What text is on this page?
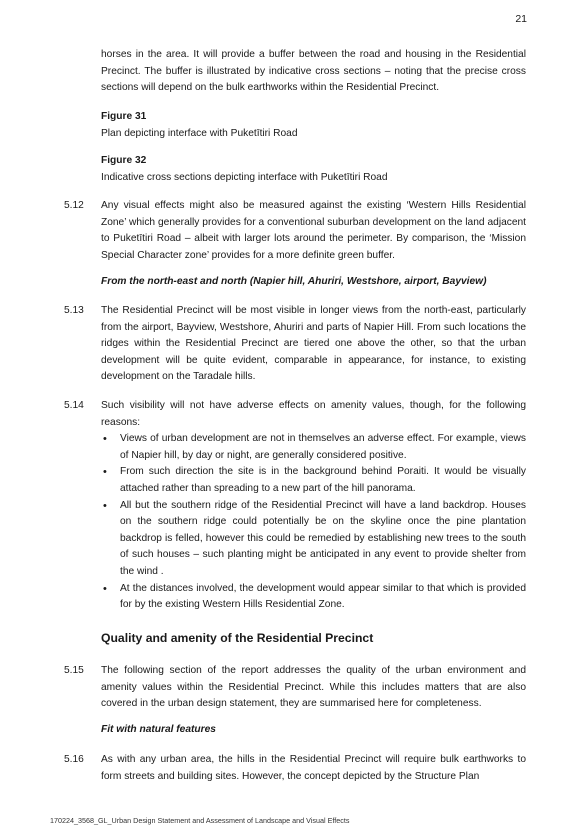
21

horses in the area. It will provide a buffer between the road and housing in the Residential Precinct. The buffer is illustrated by indicative cross sections – noting that the precise cross sections will depend on the bulk earthworks within the Residential Precinct.

Figure 31
Plan depicting interface with Puketītiri Road
Figure 32
Indicative cross sections depicting interface with Puketītiri Road
5.12 Any visual effects might also be measured against the existing ‘Western Hills Residential Zone’ which generally provides for a conventional suburban development on the land adjacent to Puketītiri Road – albeit with larger lots around the perimeter. By comparison, the ‘Mission Special Character zone’ provides for a more definite green buffer.

From the north-east and north (Napier hill, Ahuriri, Westshore, airport, Bayview)
5.13 The Residential Precinct will be most visible in longer views from the north-east, particularly from the airport, Bayview, Westshore, Ahuriri and parts of Napier Hill. From such locations the ridges within the Residential Precinct are tiered one above the other, so that the urban development will be quite evident, comparable in appearance, for instance, to existing development on the Taradale hills.

5.14 Such visibility will not have adverse effects on amenity values, though, for the following reasons:
• Views of urban development are not in themselves an adverse effect. For example, views of Napier hill, by day or night, are generally considered positive.
• From such direction the site is in the background behind Poraiti. It would be visually attached rather than spreading to a new part of the hill panorama.
• All but the southern ridge of the Residential Precinct will have a land backdrop. Houses on the southern ridge could potentially be on the skyline once the pine plantation backdrop is felled, however this could be remedied by establishing new trees to the south of such houses – such planting might be anticipated in any event to provide shelter from the wind .
• At the distances involved, the development would appear similar to that which is provided for by the existing Western Hills Residential Zone.
Quality and amenity of the Residential Precinct
5.15 The following section of the report addresses the quality of the urban environment and amenity values within the Residential Precinct. While this includes matters that are also covered in the urban design statement, they are summarised here for completeness.

Fit with natural features
5.16 As with any urban area, the hills in the Residential Precinct will require bulk earthworks to form streets and building sites. However, the concept depicted by the Structure Plan

170224_3568_GL_Urban Design Statement and Assessment of Landscape and Visual Effects
